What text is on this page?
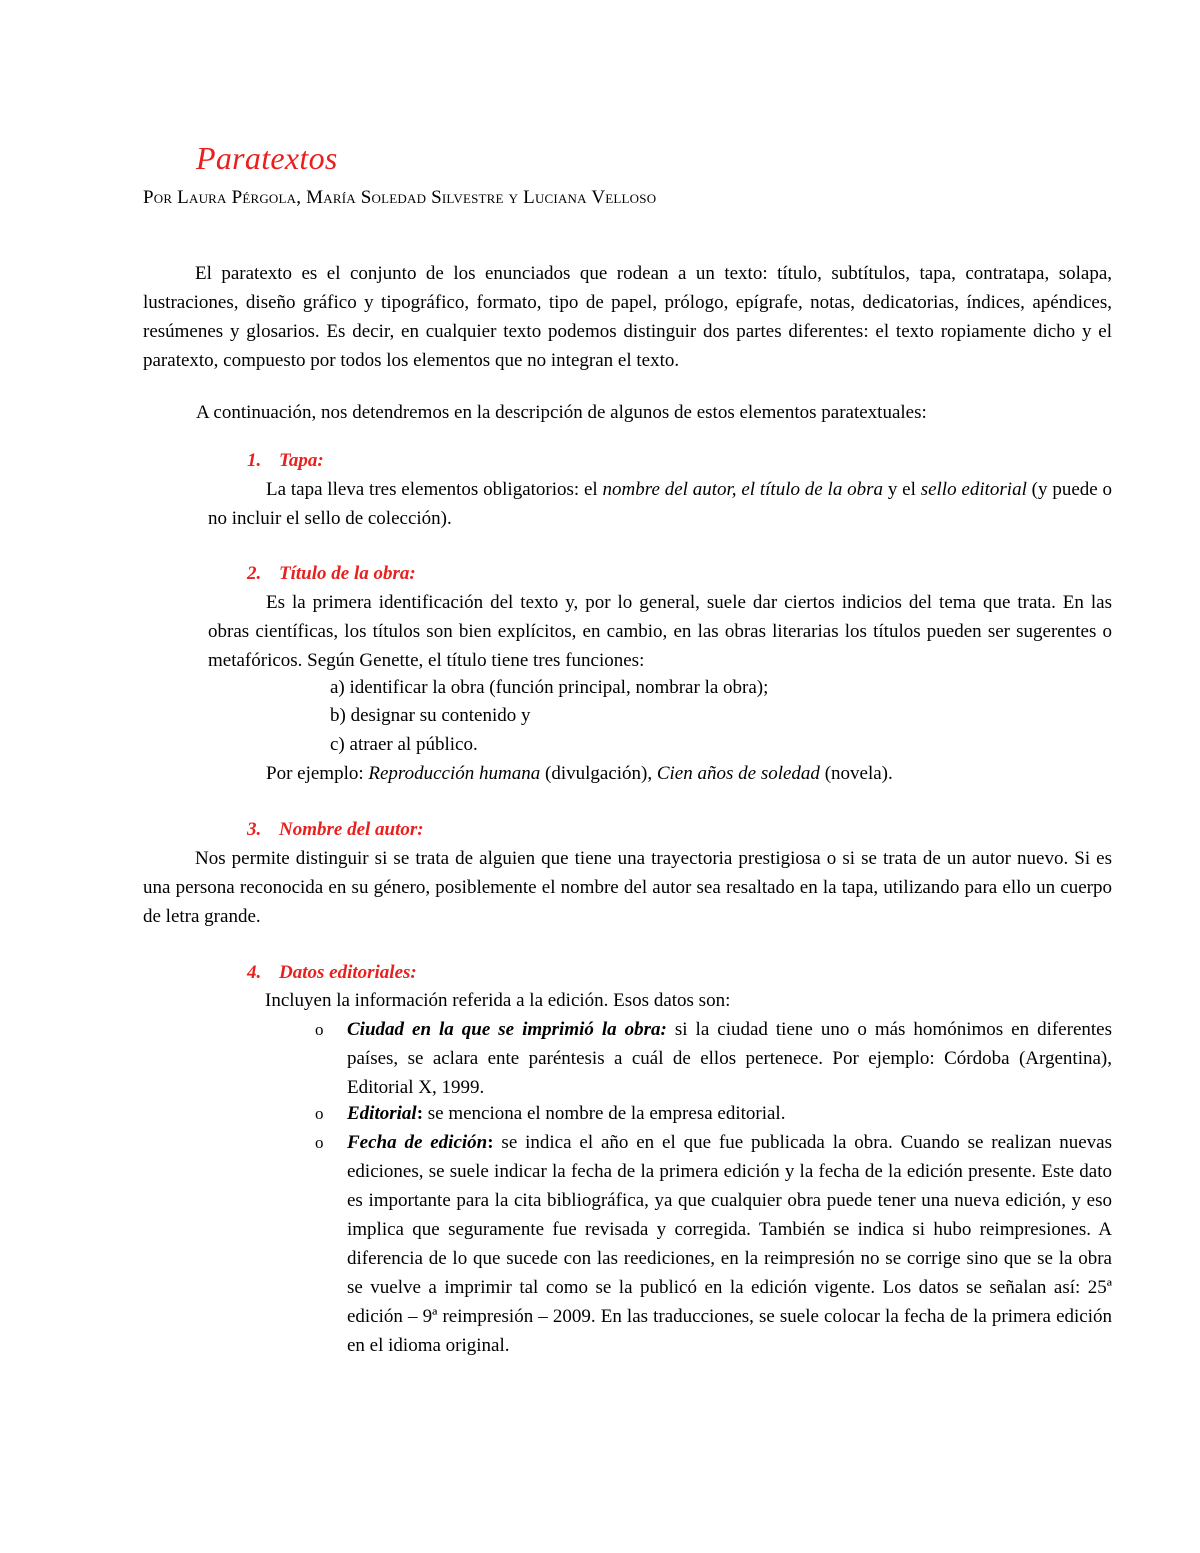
Paratextos
Por Laura Pérgola, María Soledad Silvestre y Luciana Velloso

El paratexto es el conjunto de los enunciados que rodean a un texto: título, subtítulos, tapa, contratapa, solapa, lustraciones, diseño gráfico y tipográfico, formato, tipo de papel, prólogo, epígrafe, notas, dedicatorias, índices, apéndices, resúmenes y glosarios. Es decir, en cualquier texto podemos distinguir dos partes diferentes: el texto ropiamente dicho y el paratexto, compuesto por todos los elementos que no integran el texto.

A continuación, nos detendremos en la descripción de algunos de estos elementos paratextuales:
1. Tapa:

La tapa lleva tres elementos obligatorios: el nombre del autor, el título de la obra y el sello editorial (y puede o no incluir el sello de colección).

2. Título de la obra:

Es la primera identificación del texto y, por lo general, suele dar ciertos indicios del tema que trata. En las obras científicas, los títulos son bien explícitos, en cambio, en las obras literarias los títulos pueden ser sugerentes o metafóricos. Según Genette, el título tiene tres funciones:

a) identificar la obra (función principal, nombrar la obra);
b) designar su contenido y
c) atraer al público.
Por ejemplo: Reproducción humana (divulgación), Cien años de soledad (novela).
3. Nombre del autor:

Nos permite distinguir si se trata de alguien que tiene una trayectoria prestigiosa o si se trata de un autor nuevo. Si es una persona reconocida en su género, posiblemente el nombre del autor sea resaltado en la tapa, utilizando para ello un cuerpo de letra grande.

4. Datos editoriales:
Incluyen la información referida a la edición. Esos datos son:
o Ciudad en la que se imprimió la obra: si la ciudad tiene uno o más homónimos en diferentes países, se aclara ente paréntesis a cuál de ellos pertenece. Por ejemplo: Córdoba (Argentina), Editorial X, 1999.

o Editorial: se menciona el nombre de la empresa editorial.

o Fecha de edición: se indica el año en el que fue publicada la obra. Cuando se realizan nuevas ediciones, se suele indicar la fecha de la primera edición y la fecha de la edición presente. Este dato es importante para la cita bibliográfica, ya que cualquier obra puede tener una nueva edición, y eso implica que seguramente fue revisada y corregida. También se indica si hubo reimpresiones. A diferencia de lo que sucede con las reediciones, en la reimpresión no se corrige sino que se la obra se vuelve a imprimir tal como se la publicó en la edición vigente. Los datos se señalan así: 25ª edición – 9ª reimpresión – 2009. En las traducciones, se suele colocar la fecha de la primera edición en el idioma original.
